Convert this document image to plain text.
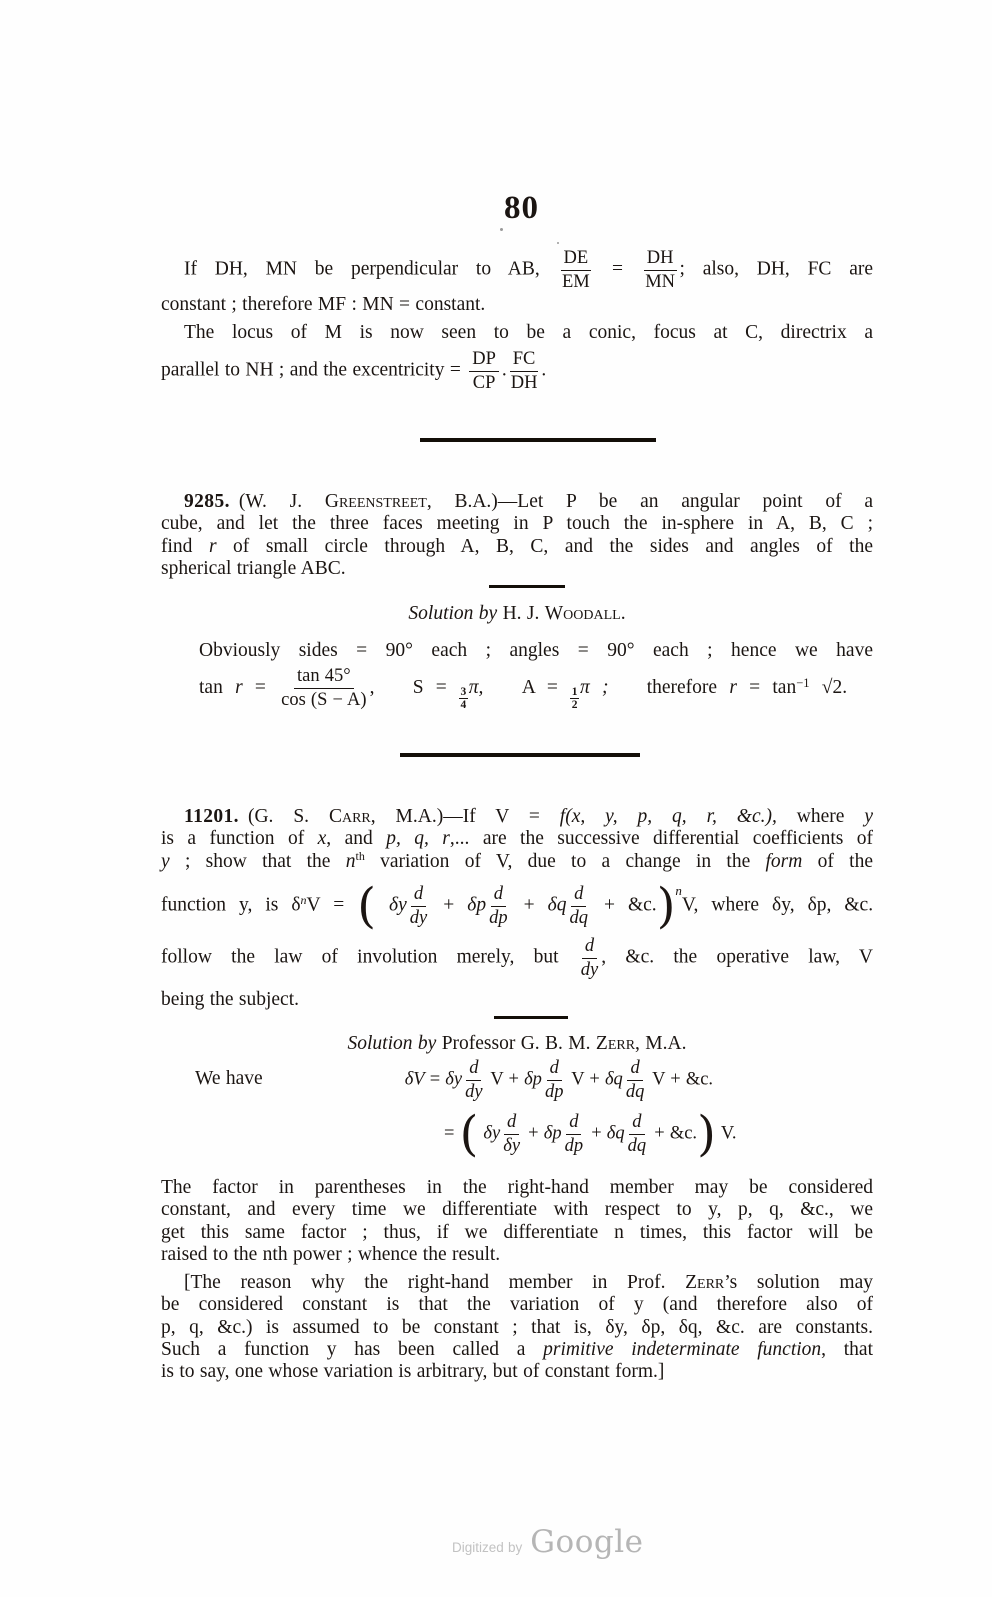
80
If DH, MN be perpendicular to AB, $\frac{DE}{EM} = \frac{DH}{MN}$ ; also, DH, FC are
constant ; therefore MF : MN = constant.
The locus of M is now seen to be a conic, focus at C, directrix a
parallel to NH ; and the excentricity = $\frac{DP}{CP}$ . $\frac{FC}{DH}$ .
9285. (W. J. Greenstreet, B.A.)—Let P be an angular point of a
cube, and let the three faces meeting in P touch the in-sphere in A, B, C ;
find r of small circle through A, B, C, and the sides and angles of the
spherical triangle ABC.
Solution by H. J. Woodall.
Obviously sides = 90° each ; angles = 90° each ; hence we have
$\tan r = \frac{\tan 45^\circ}{\cos (S - A)}$ , $S = \frac{3}{4} \pi$, $A = \frac{1}{2}$ π ; therefore $r = \tan^{-1} √2$.
11201. (G. S. Carr, M.A.)—If V = f(x, y, p, q, r, &c.), where y
is a function of x, and p, q, r,... are the successive differential coefficients of
y ; show that the $n^{th}$ variation of V, due to a change in the form of the
function y, is $\delta^nV$ = ( δy $\frac{d}{dy} + \delta p \frac{d}{dp} + \delta q \frac{d}{dq}$ + &c.)$^n$V, where δy, δp, &c.
follow the law of involution merely, but $\frac{d}{dy}$ , &c. the operative law, V
being the subject.
Solution by Professor G. B. M. Zerr, M.A.
We have	δV = δy $\frac{d}{dy}$ V + δp $\frac{d}{dp}$ V + δq $\frac{d}{dq}$ V + &c.
= ( δy $\frac{d}{\delta y} + \delta p \frac{d}{dp} + \delta q \frac{d}{dq}$ + &c.) V.
The factor in parentheses in the right-hand member may be considered
constant, and every time we differentiate with respect to y, p, q, &c., we
get this same factor ; thus, if we differentiate n times, this factor will be
raised to the nth power ; whence the result.
[The reason why the right-hand member in Prof. Zerr’s solution may
be considered constant is that the variation of y (and therefore also of
p, q, &c.) is assumed to be constant ; that is, δy, δp, δq, &c. are constants.
Such a function y has been called a primitive indeterminate function, that
is to say, one whose variation is arbitrary, but of constant form.]
Digitized by Google
